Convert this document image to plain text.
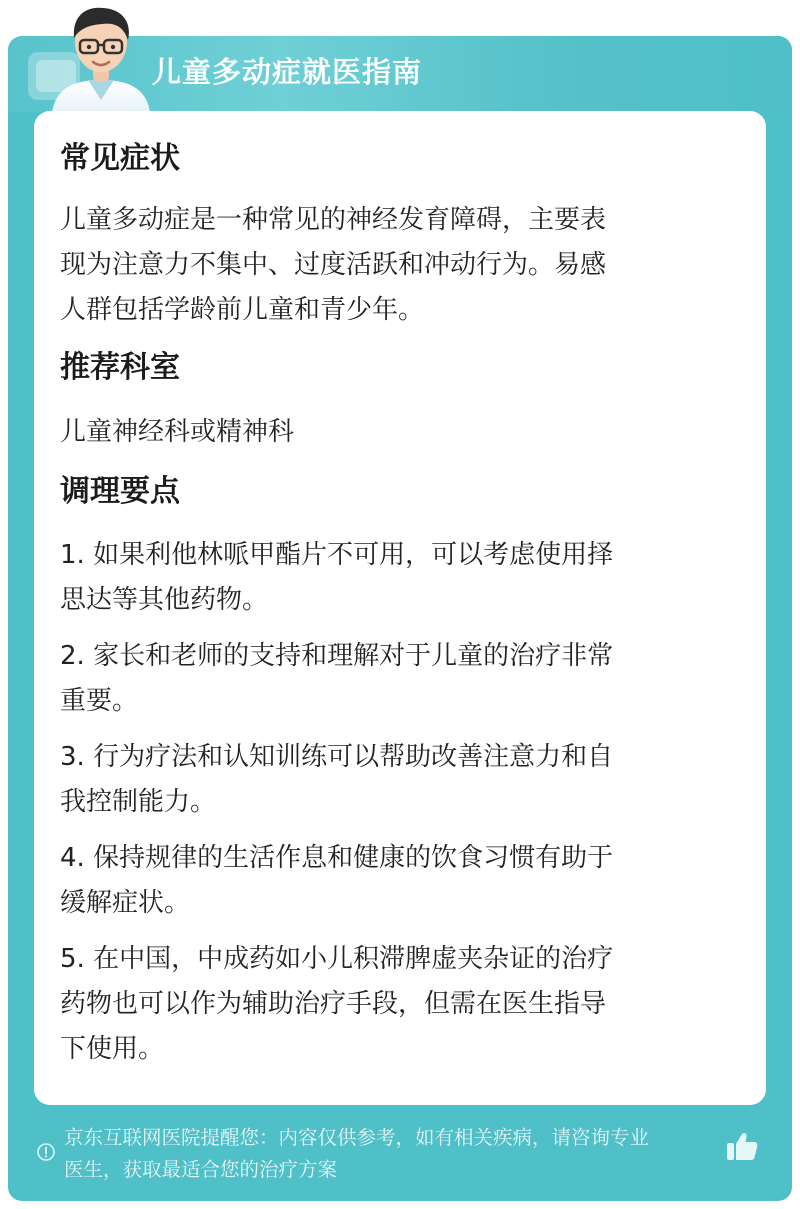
儿童多动症就医指南
常见症状
儿童多动症是一种常见的神经发育障碍，主要表
现为注意力不集中、过度活跃和冲动行为。易感
人群包括学龄前儿童和青少年。
推荐科室
儿童神经科或精神科
调理要点
1. 如果利他林哌甲酯片不可用，可以考虑使用择
思达等其他药物。
2. 家长和老师的支持和理解对于儿童的治疗非常
重要。
3. 行为疗法和认知训练可以帮助改善注意力和自
我控制能力。
4. 保持规律的生活作息和健康的饮食习惯有助于
缓解症状。
5. 在中国，中成药如小儿积滞脾虚夹杂证的治疗
药物也可以作为辅助治疗手段，但需在医生指导
下使用。
京东互联网医院提醒您：内容仅供参考，如有相关疾病，请咨询专业
医生，获取最适合您的治疗方案
